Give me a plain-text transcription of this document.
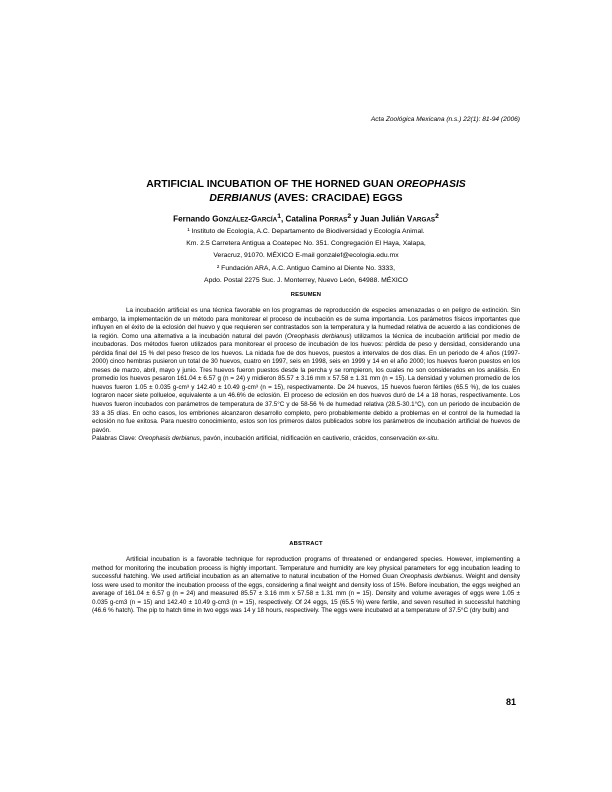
Acta Zoológica Mexicana (n.s.) 22(1): 81-94 (2006)
ARTIFICIAL INCUBATION OF THE HORNED GUAN OREOPHASIS
DERBIANUS (AVES: CRACIDAE) EGGS
Fernando GONZÁLEZ-GARCÍA$^1$, Catalina PORRAS$^2$ y Juan Julián VARGAS$^2$
¹ Instituto de Ecología, A.C. Departamento de Biodiversidad y Ecología Animal.
Km. 2.5 Carretera Antigua a Coatepec No. 351. Congregación El Haya, Xalapa,
Veracruz, 91070. MÉXICO E-mail gonzalef@ecologia.edu.mx
² Fundación ARA, A.C. Antiguo Camino al Diente No. 3333,
Apdo. Postal 2275 Suc. J. Monterrey, Nuevo León, 64988. MÉXICO
RESUMEN

La incubación artificial es una técnica favorable en los programas de reproducción de especies amenazadas o en peligro de extinción. Sin embargo, la implementación de un método para monitorear el proceso de incubación es de suma importancia. Los parámetros físicos importantes que influyen en el éxito de la eclosión del huevo y que requieren ser contrastados son la temperatura y la humedad relativa de acuerdo a las condiciones de la región. Como una alternativa a la incubación natural del pavón (Oreophasis derbianus) utilizamos la técnica de incubación artificial por medio de incubadoras. Dos métodos fueron utilizados para monitorear el proceso de incubación de los huevos: pérdida de peso y densidad, considerando una pérdida final del 15 % del peso fresco de los huevos. La nidada fue de dos huevos, puestos a intervalos de dos días. En un periodo de 4 años (1997-2000) cinco hembras pusieron un total de 30 huevos, cuatro en 1997, seis en 1998, seis en 1999 y 14 en el año 2000; los huevos fueron puestos en los meses de marzo, abril, mayo y junio. Tres huevos fueron puestos desde la percha y se rompieron, los cuales no son considerados en los análisis. En promedio los huevos pesaron 161.04 ± 6.57 g (n = 24) y midieron 85.57 ± 3.16 mm x 57.58 ± 1.31 mm (n = 15). La densidad y volumen promedio de los huevos fueron 1.05 ± 0.035 g-cm³ y 142.40 ± 10.49 g-cm³ (n = 15), respectivamente. De 24 huevos, 15 huevos fueron fértiles (65.5 %), de los cuales lograron nacer siete pollueloe, equivalente a un 46.6% de eclosión. El proceso de eclosión en dos huevos duró de 14 a 18 horas, respectivamente. Los huevos fueron incubados con parámetros de temperatura de 37.5°C y de 58-56 % de humedad relativa (28.5-30.1°C), con un periodo de incubación de 33 a 35 días. En ocho casos, los embriones alcanzaron desarrollo completo, pero probablemente debido a problemas en el control de la humedad la eclosión no fue exitosa. Para nuestro conocimiento, estos son los primeros datos publicados sobre los parámetros de incubación artificial de huevos de pavón.

Palabras Clave: Oreophasis derbianus, pavón, incubación artificial, nidificación en cautiverio, crácidos, conservación ex-situ.

ABSTRACT

Artificial incubation is a favorable technique for reproduction programs of threatened or endangered species. However, implementing a method for monitoring the incubation process is highly important. Temperature and humidity are key physical parameters for egg incubation leading to successful hatching. We used artificial incubation as an alternative to natural incubation of the Horned Guan Oreophasis derbianus. Weight and density loss were used to monitor the incubation process of the eggs, considering a final weight and density loss of 15%. Before incubation, the eggs weighed an average of 161.04 ± 6.57 g (n = 24) and measured 85.57 ± 3.16 mm x 57.58 ± 1.31 mm (n = 15). Density and volume averages of eggs were 1.05 ± 0.035 g-cm3 (n = 15) and 142.40 ± 10.49 g-cm3 (n = 15), respectively. Of 24 eggs, 15 (65.5 %) were fertile, and seven resulted in successful hatching (46.6 % hatch). The pip to hatch time in two eggs was 14 y 18 hours, respectively. The eggs were incubated at a temperature of 37.5°C (dry bulb) and

81
